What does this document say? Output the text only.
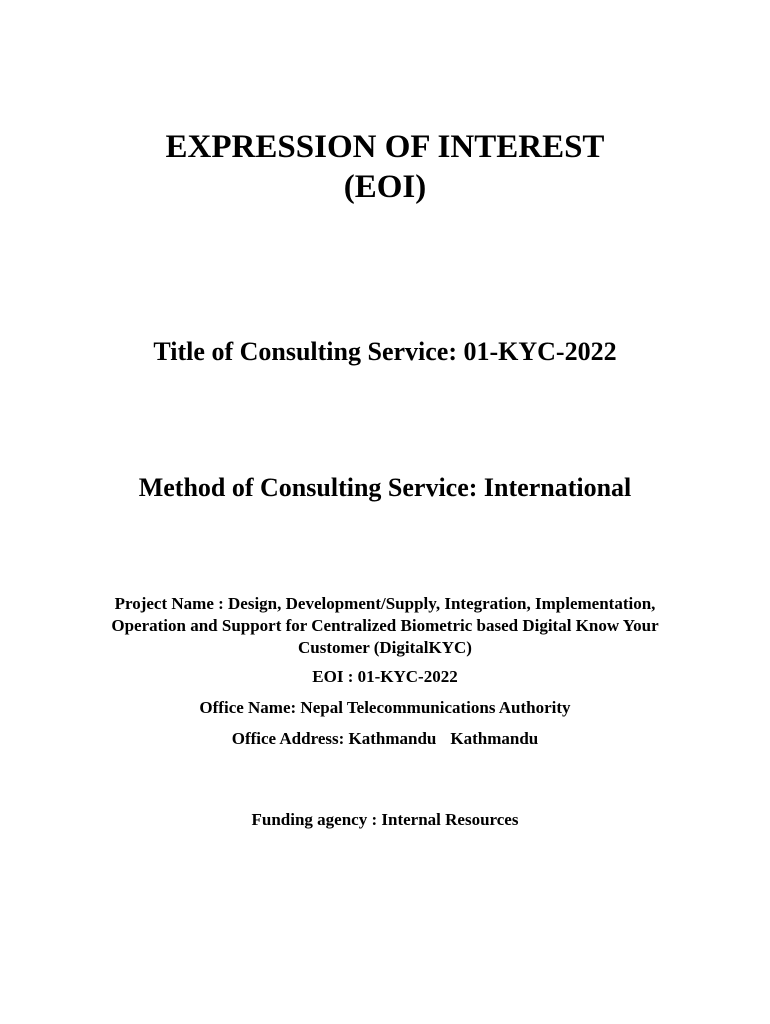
EXPRESSION OF INTEREST
(EOI)
Title of Consulting Service: 01-KYC-2022
Method of Consulting Service: International
Project Name : Design, Development/Supply, Integration, Implementation,
Operation and Support for Centralized Biometric based Digital Know Your
Customer (DigitalKYC)
EOI : 01-KYC-2022
Office Name: Nepal Telecommunications Authority
Office Address: Kathmandu Kathmandu
Funding agency : Internal Resources
